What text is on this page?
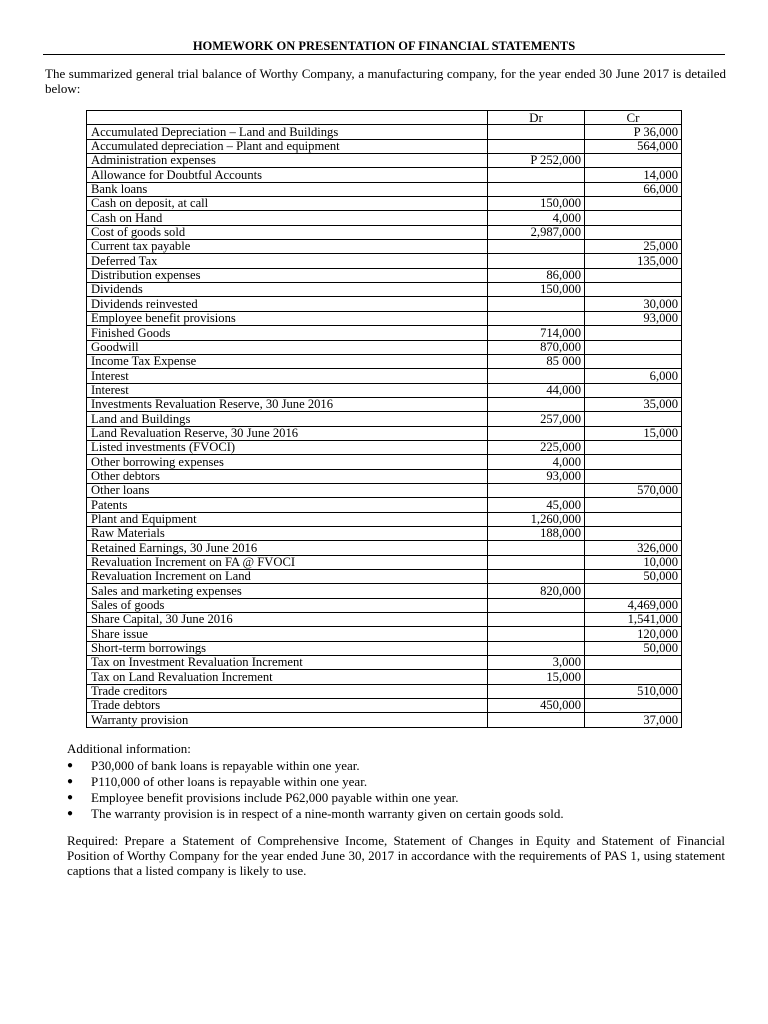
HOMEWORK ON PRESENTATION OF FINANCIAL STATEMENTS
The summarized general trial balance of Worthy Company, a manufacturing company, for the year ended 30 June 2017 is detailed below:
	Dr	Cr
Accumulated Depreciation – Land and Buildings		P 36,000
Accumulated depreciation – Plant and equipment		564,000
Administration expenses	P 252,000	
Allowance for Doubtful Accounts		14,000
Bank loans		66,000
Cash on deposit, at call	150,000	
Cash on Hand	4,000	
Cost of goods sold	2,987,000	
Current tax payable		25,000
Deferred Tax		135,000
Distribution expenses	86,000	
Dividends	150,000	
Dividends reinvested		30,000
Employee benefit provisions		93,000
Finished Goods	714,000	
Goodwill	870,000	
Income Tax Expense	85 000	
Interest		6,000
Interest	44,000	
Investments Revaluation Reserve, 30 June 2016		35,000
Land and Buildings	257,000	
Land Revaluation Reserve, 30 June 2016		15,000
Listed investments (FVOCI)	225,000	
Other borrowing expenses	4,000	
Other debtors	93,000	
Other loans		570,000
Patents	45,000	
Plant and Equipment	1,260,000	
Raw Materials	188,000	
Retained Earnings, 30 June 2016		326,000
Revaluation Increment on FA @ FVOCI		10,000
Revaluation Increment on Land		50,000
Sales and marketing expenses	820,000	
Sales of goods		4,469,000
Share Capital, 30 June 2016		1,541,000
Share issue		120,000
Short-term borrowings		50,000
Tax on Investment Revaluation Increment	3,000	
Tax on Land Revaluation Increment	15,000	
Trade creditors		510,000
Trade debtors	450,000	
Warranty provision		37,000
Additional information:
● P30,000 of bank loans is repayable within one year.
● P110,000 of other loans is repayable within one year.
● Employee benefit provisions include P62,000 payable within one year.
● The warranty provision is in respect of a nine-month warranty given on certain goods sold.
Required: Prepare a Statement of Comprehensive Income, Statement of Changes in Equity and Statement of Financial Position of Worthy Company for the year ended June 30, 2017 in accordance with the requirements of PAS 1, using statement captions that a listed company is likely to use.
